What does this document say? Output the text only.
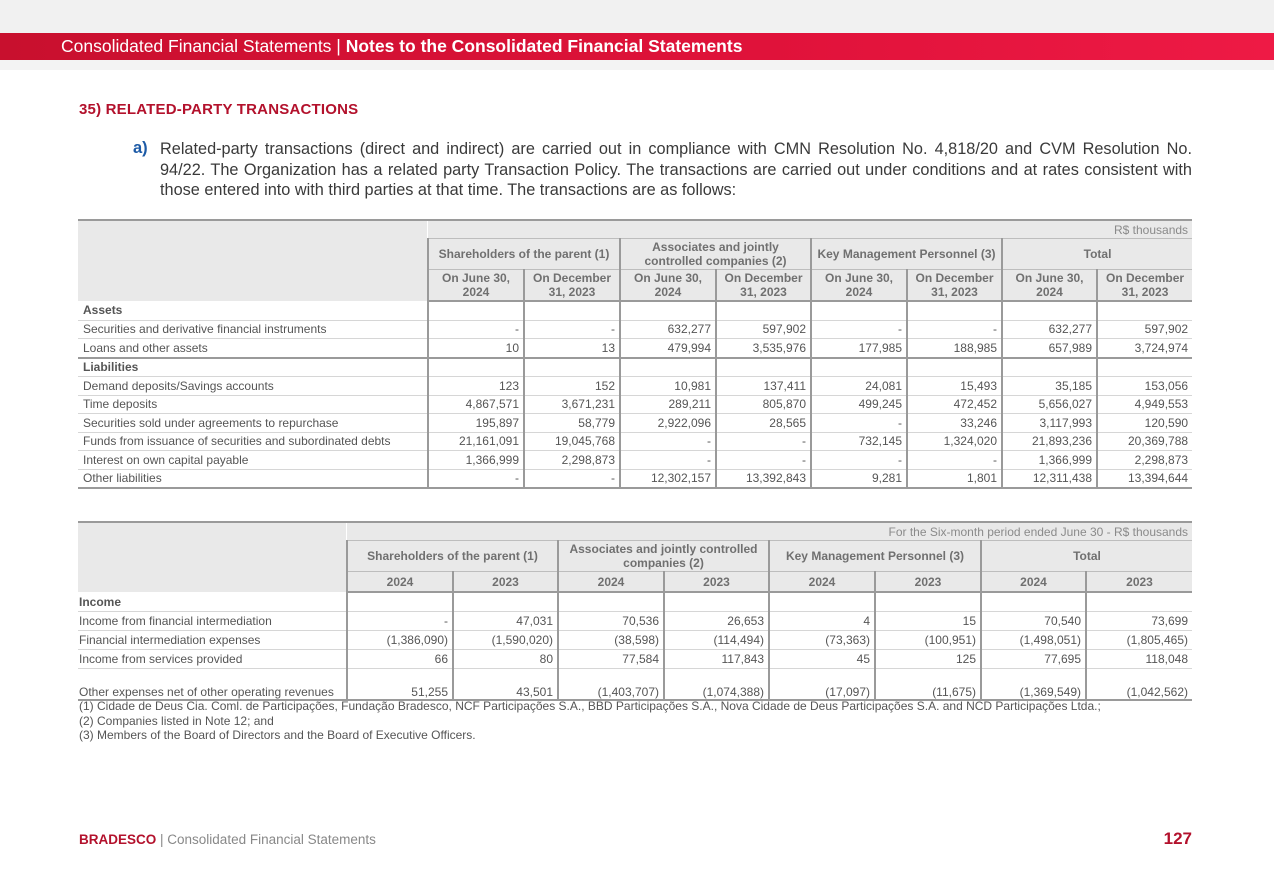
Consolidated Financial Statements | Notes to the Consolidated Financial Statements
35) RELATED-PARTY TRANSACTIONS
a) Related-party transactions (direct and indirect) are carried out in compliance with CMN Resolution No. 4,818/20 and CVM Resolution No. 94/22. The Organization has a related party Transaction Policy. The transactions are carried out under conditions and at rates consistent with those entered into with third parties at that time. The transactions are as follows:
	R$ thousands							
	Shareholders of the parent (1)		Associates and jointly controlled companies (2)		Key Management Personnel (3)		Total	
	On June 30, 2024	On December 31, 2023	On June 30, 2024	On December 31, 2023	On June 30, 2024	On December 31, 2023	On June 30, 2024	On December 31, 2023
Assets								
Securities and derivative financial instruments	-	-	632,277	597,902	-	-	632,277	597,902
Loans and other assets	10	13	479,994	3,535,976	177,985	188,985	657,989	3,724,974
Liabilities								
Demand deposits/Savings accounts	123	152	10,981	137,411	24,081	15,493	35,185	153,056
Time deposits	4,867,571	3,671,231	289,211	805,870	499,245	472,452	5,656,027	4,949,553
Securities sold under agreements to repurchase	195,897	58,779	2,922,096	28,565	-	33,246	3,117,993	120,590
Funds from issuance of securities and subordinated debts	21,161,091	19,045,768	-	-	732,145	1,324,020	21,893,236	20,369,788
Interest on own capital payable	1,366,999	2,298,873	-	-	-	-	1,366,999	2,298,873
Other liabilities	-	-	12,302,157	13,392,843	9,281	1,801	12,311,438	13,394,644
	For the Six-month period ended June 30 - R$ thousands							
	Shareholders of the parent (1)		Associates and jointly controlled companies (2)		Key Management Personnel (3)		Total	
	2024	2023	2024	2023	2024	2023	2024	2023
Income								
Income from financial intermediation	-	47,031	70,536	26,653	4	15	70,540	73,699
Financial intermediation expenses	(1,386,090)	(1,590,020)	(38,598)	(114,494)	(73,363)	(100,951)	(1,498,051)	(1,805,465)
Income from services provided	66	80	77,584	117,843	45	125	77,695	118,048
Other expenses net of other operating revenues	51,255	43,501	(1,403,707)	(1,074,388)	(17,097)	(11,675)	(1,369,549)	(1,042,562)
(1) Cidade de Deus Cia. Coml. de Participações, Fundação Bradesco, NCF Participações S.A., BBD Participações S.A., Nova Cidade de Deus Participações S.A. and NCD Participações Ltda.;
(2) Companies listed in Note 12; and
(3) Members of the Board of Directors and the Board of Executive Officers.
BRADESCO | Consolidated Financial Statements	127
